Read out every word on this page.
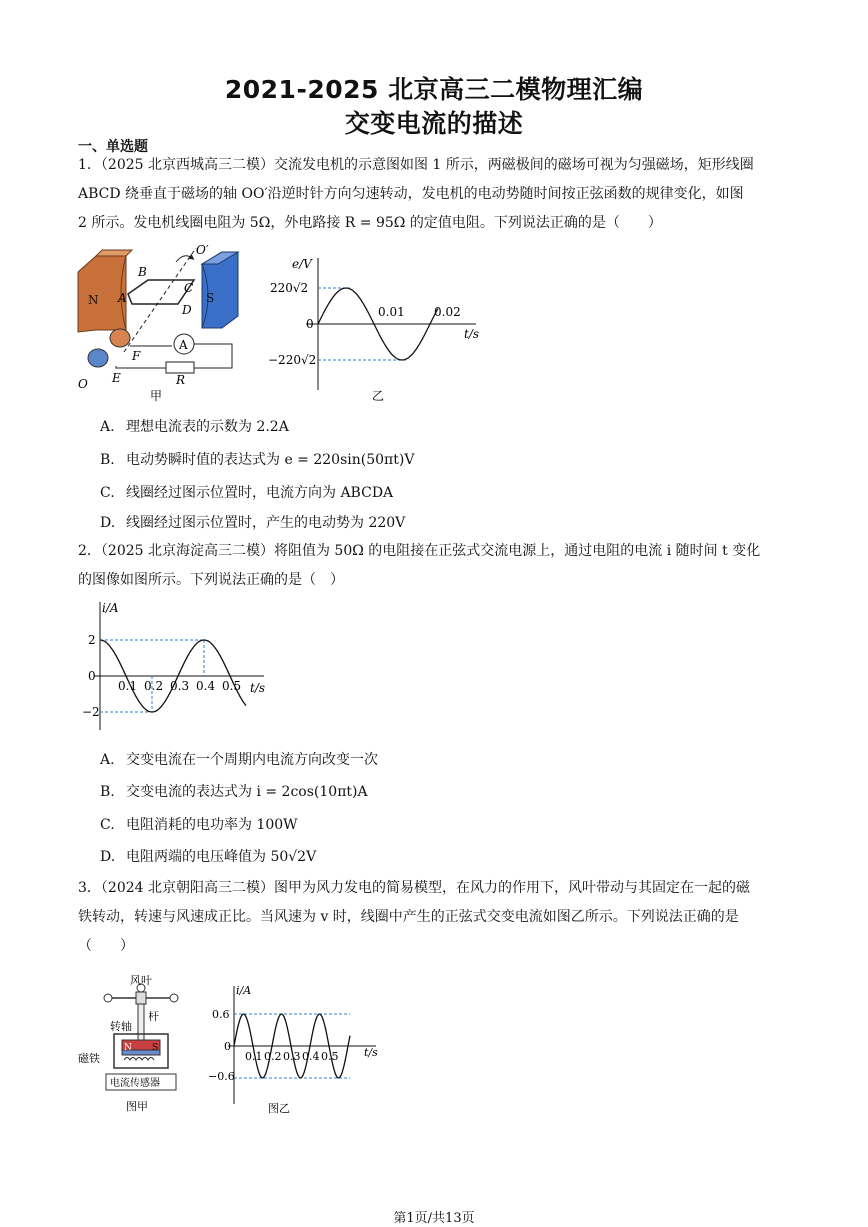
2021-2025 北京高三二模物理汇编
交变电流的描述
一、单选题
1．（2025 北京西城高三二模）交流发电机的示意图如图 1 所示，两磁极间的磁场可视为匀强磁场，矩形线圈
ABCD 绕垂直于磁场的轴 OO′沿逆时针方向匀速转动，发电机的电动势随时间按正弦函数的规律变化，如图
2 所示。发电机线圈电阻为 5Ω，外电路接 R = 95Ω 的定值电阻。下列说法正确的是（　　）
N	S
B
A
C
D
O′
F
E
O
A
R
甲
e/V
t/s
220√2
−220√2
0
0.01 0.02
乙
A. 理想电流表的示数为 2.2A
B. 电动势瞬时值的表达式为 e = 220sin(50πt)V
C. 线圈经过图示位置时，电流方向为 ABCDA
D. 线圈经过图示位置时，产生的电动势为 220V
2．（2025 北京海淀高三二模）将阻值为 50Ω 的电阻接在正弦式交流电源上，通过电阻的电流 i 随时间 t 变化
的图像如图所示。下列说法正确的是（　）
i/A
t/s
2
−2
0
0.1 0.2 0.3 0.4 0.5
A. 交变电流在一个周期内电流方向改变一次
B. 交变电流的表达式为 i = 2cos(10πt)A
C. 电阻消耗的电功率为 100W
D. 电阻两端的电压峰值为 50√2V
3．（2024 北京朝阳高三二模）图甲为风力发电的简易模型，在风力的作用下，风叶带动与其固定在一起的磁
铁转动，转速与风速成正比。当风速为 v 时，线圈中产生的正弦式交变电流如图乙所示。下列说法正确的是
（　　）
风叶
杆
转轴
N S
磁铁
电流传感器
图甲
i/A
t/s
0.6
−0.6
0
0.1 0.2 0.3 0.4 0.5
图乙
第1页/共13页
